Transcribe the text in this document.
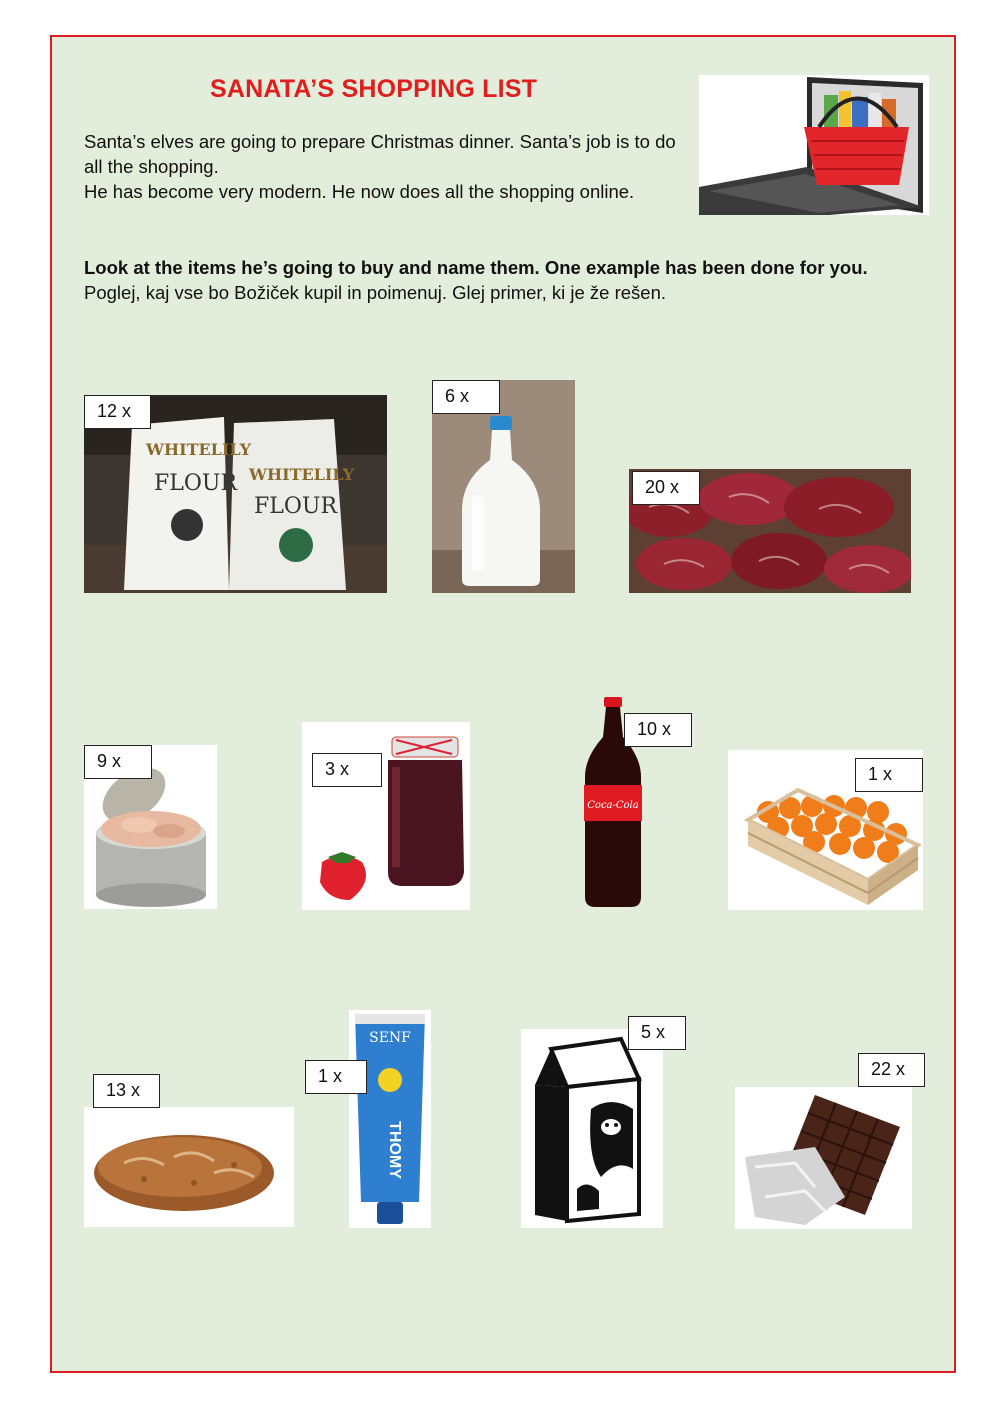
SANATA’S SHOPPING LIST

Santa’s elves are going to prepare Christmas dinner. Santa’s job is to do all the shopping.

He has become very modern. He now does all the shopping online.

Look at the items he’s going to buy and name them. One example has been done for you. Poglej, kaj vse bo Božiček kupil in poimenuj. Glej primer, ki je že rešen.
WHITELILY
FLOUR WHITELILY
FLOUR
12 x
6 x
20 x
9 x	3 x
Coca-Cola
10 x
1 x
13 x
SENF
THOMY
1 x
5 x
22 x
